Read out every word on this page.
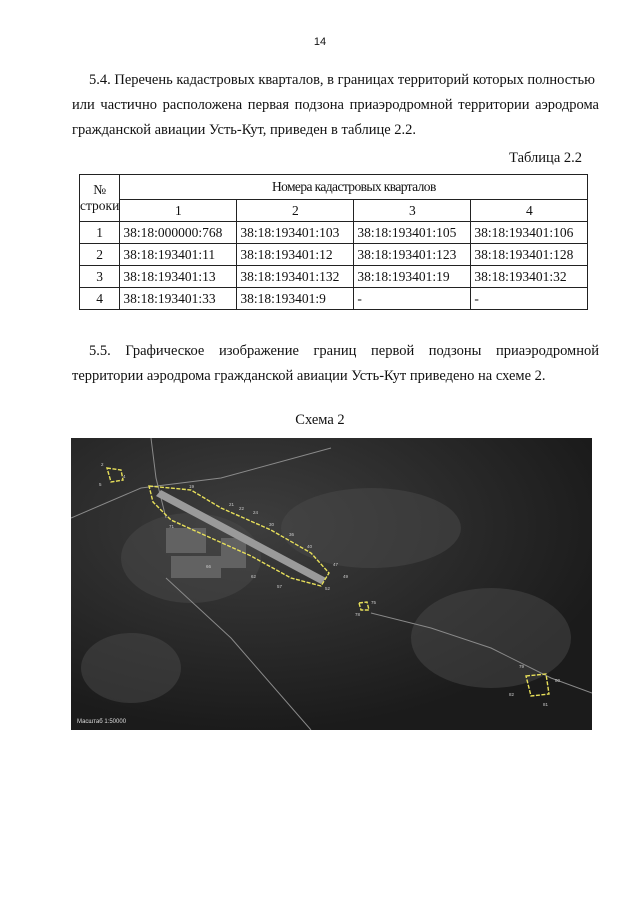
14
5.4. Перечень кадастровых кварталов, в границах территорий которых полностью
или частично расположена первая подзона приаэродромной территории аэродрома
гражданской авиации Усть-Кут, приведен в таблице 2.2.
Таблица 2.2
№ строки	Номера кадастровых кварталов			
	1	2	3	4
1	38:18:000000:768	38:18:193401:103	38:18:193401:105	38:18:193401:106
2	38:18:193401:11	38:18:193401:12	38:18:193401:123	38:18:193401:128
3	38:18:193401:13	38:18:193401:132	38:18:193401:19	38:18:193401:32
4	38:18:193401:33	38:18:193401:9	-	-
5.5. Графическое изображение границ первой подзоны приаэродромной
территории аэродрома гражданской авиации Усть-Кут приведено на схеме 2.
Схема 2
2
4
5	19
21
22
24
30
36
40
47
49
52
57
62
66
71
75
78
79
80
81
82
Масштаб 1:50000
